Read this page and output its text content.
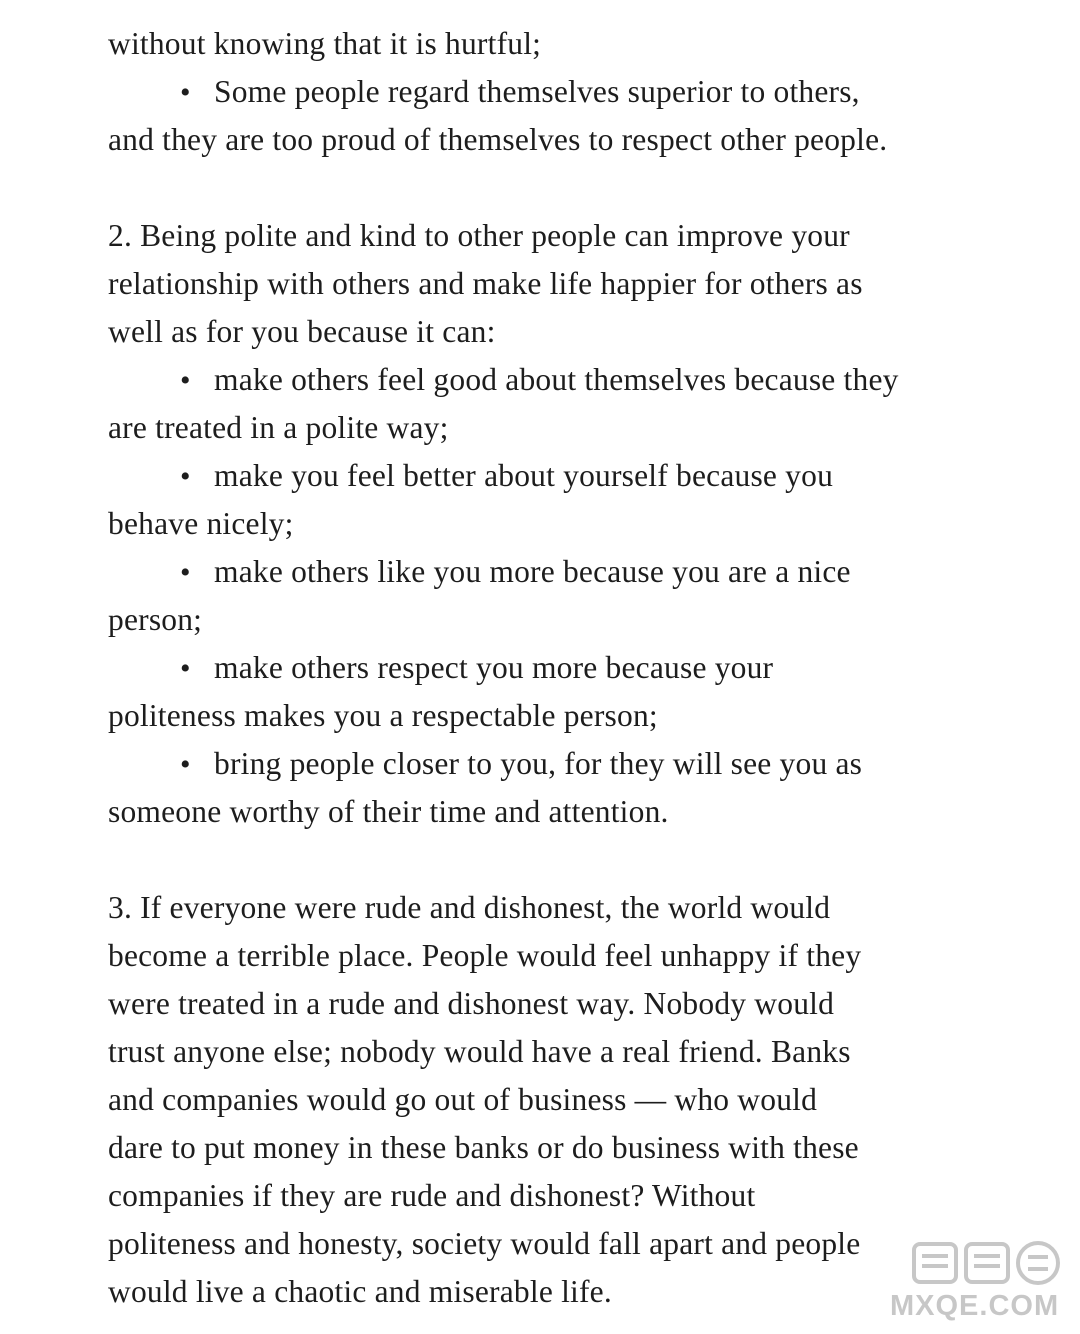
without knowing that it is hurtful;
• Some people regard themselves superior to others,
and they are too proud of themselves to respect other people.
2. Being polite and kind to other people can improve your
relationship with others and make life happier for others as
well as for you because it can:
• make others feel good about themselves because they
are treated in a polite way;
• make you feel better about yourself because you
behave nicely;
• make others like you more because you are a nice
person;
• make others respect you more because your
politeness makes you a respectable person;
• bring people closer to you, for they will see you as
someone worthy of their time and attention.
3. If everyone were rude and dishonest, the world would
become a terrible place. People would feel unhappy if they
were treated in a rude and dishonest way. Nobody would
trust anyone else; nobody would have a real friend. Banks
and companies would go out of business — who would
dare to put money in these banks or do business with these
companies if they are rude and dishonest? Without
politeness and honesty, society would fall apart and people
would live a chaotic and miserable life.	MXQE.COM
